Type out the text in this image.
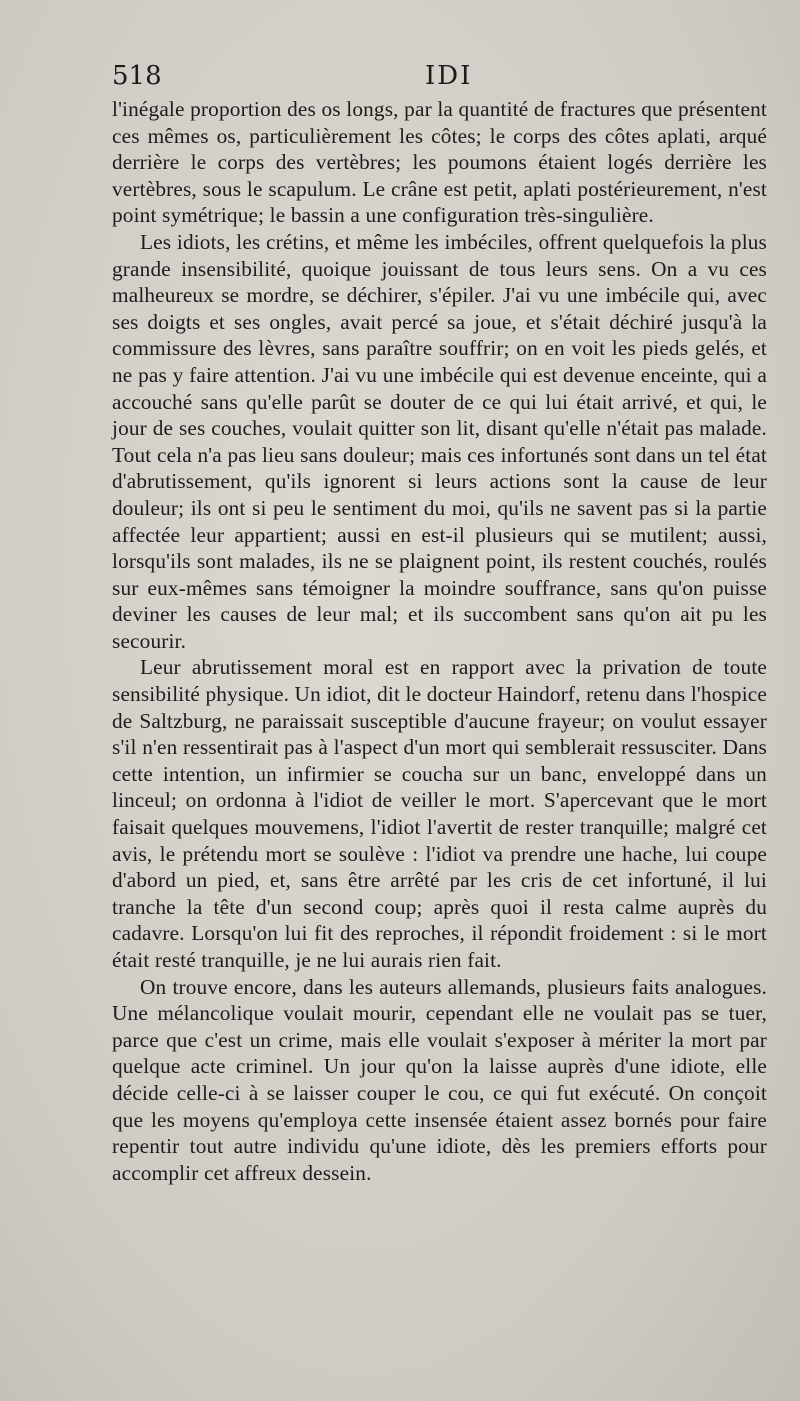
518	IDI

l'inégale proportion des os longs, par la quantité de fractures que présentent ces mêmes os, particulièrement les côtes; le corps des côtes aplati, arqué derrière le corps des vertèbres; les poumons étaient logés derrière les vertèbres, sous le scapulum. Le crâne est petit, aplati postérieurement, n'est point symétrique; le bassin a une configuration très-singulière.

Les idiots, les crétins, et même les imbéciles, offrent quelquefois la plus grande insensibilité, quoique jouissant de tous leurs sens. On a vu ces malheureux se mordre, se déchirer, s'épiler. J'ai vu une imbécile qui, avec ses doigts et ses ongles, avait percé sa joue, et s'était déchiré jusqu'à la commissure des lèvres, sans paraître souffrir; on en voit les pieds gelés, et ne pas y faire attention. J'ai vu une imbécile qui est devenue enceinte, qui a accouché sans qu'elle parût se douter de ce qui lui était arrivé, et qui, le jour de ses couches, voulait quitter son lit, disant qu'elle n'était pas malade. Tout cela n'a pas lieu sans douleur; mais ces infortunés sont dans un tel état d'abrutissement, qu'ils ignorent si leurs actions sont la cause de leur douleur; ils ont si peu le sentiment du moi, qu'ils ne savent pas si la partie affectée leur appartient; aussi en est-il plusieurs qui se mutilent; aussi, lorsqu'ils sont malades, ils ne se plaignent point, ils restent couchés, roulés sur eux-mêmes sans témoigner la moindre souffrance, sans qu'on puisse deviner les causes de leur mal; et ils succombent sans qu'on ait pu les secourir.

Leur abrutissement moral est en rapport avec la privation de toute sensibilité physique. Un idiot, dit le docteur Haindorf, retenu dans l'hospice de Saltzburg, ne paraissait susceptible d'aucune frayeur; on voulut essayer s'il n'en ressentirait pas à l'aspect d'un mort qui semblerait ressusciter. Dans cette intention, un infirmier se coucha sur un banc, enveloppé dans un linceul; on ordonna à l'idiot de veiller le mort. S'apercevant que le mort faisait quelques mouvemens, l'idiot l'avertit de rester tranquille; malgré cet avis, le prétendu mort se soulève : l'idiot va prendre une hache, lui coupe d'abord un pied, et, sans être arrêté par les cris de cet infortuné, il lui tranche la tête d'un second coup; après quoi il resta calme auprès du cadavre. Lorsqu'on lui fit des reproches, il répondit froidement : si le mort était resté tranquille, je ne lui aurais rien fait.

On trouve encore, dans les auteurs allemands, plusieurs faits analogues. Une mélancolique voulait mourir, cependant elle ne voulait pas se tuer, parce que c'est un crime, mais elle voulait s'exposer à mériter la mort par quelque acte criminel. Un jour qu'on la laisse auprès d'une idiote, elle décide celle-ci à se laisser couper le cou, ce qui fut exécuté. On conçoit que les moyens qu'employa cette insensée étaient assez bornés pour faire repentir tout autre individu qu'une idiote, dès les premiers efforts pour accomplir cet affreux dessein.
